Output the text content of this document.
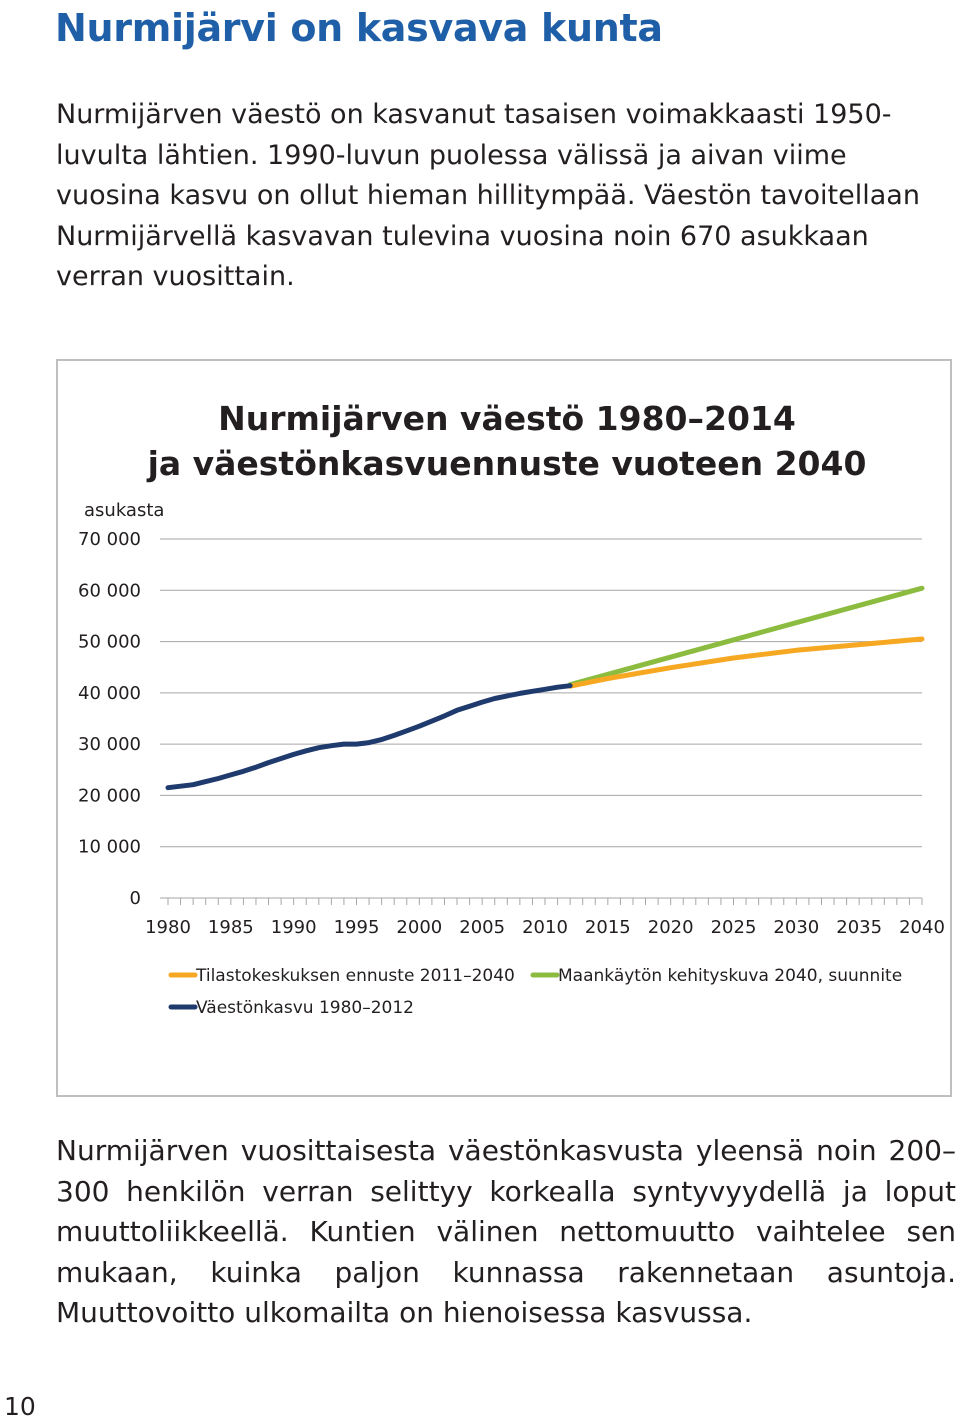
Nurmijärvi on kasvava kunta

Nurmijärven väestö on kasvanut tasaisen voimakkaasti 1950-luvulta lähtien. 1990-luvun puolessa välissä ja aivan viime vuosina kasvu on ollut hieman hillitympää. Väestön tavoitellaan Nurmijärvellä kasvavan tulevina vuosina noin 670 asukkaan verran vuosittain.

Nurmijärven väestö 1980–2014
ja väestönkasvuennuste vuoteen 2040
asukasta
0
10 000
20 000
30 000
40 000
50 000
60 000
70 000
1980 1985 1990 1995 2000 2005 2010 2015 2020 2025 2030 2035 2040
Tilastokeskuksen ennuste 2011–2040	Maankäytön kehityskuva 2040, suunnite
Väestönkasvu 1980–2012

Nurmijärven vuosittaisesta väestönkasvusta yleensä noin 200–300 henkilön verran selittyy korkealla syntyvyydellä ja loput muuttoliikkeellä. Kuntien välinen nettomuutto vaihtelee sen mukaan, kuinka paljon kunnassa rakennetaan asuntoja. Muuttovoitto ulkomailta on hienoisessa kasvussa.

10
